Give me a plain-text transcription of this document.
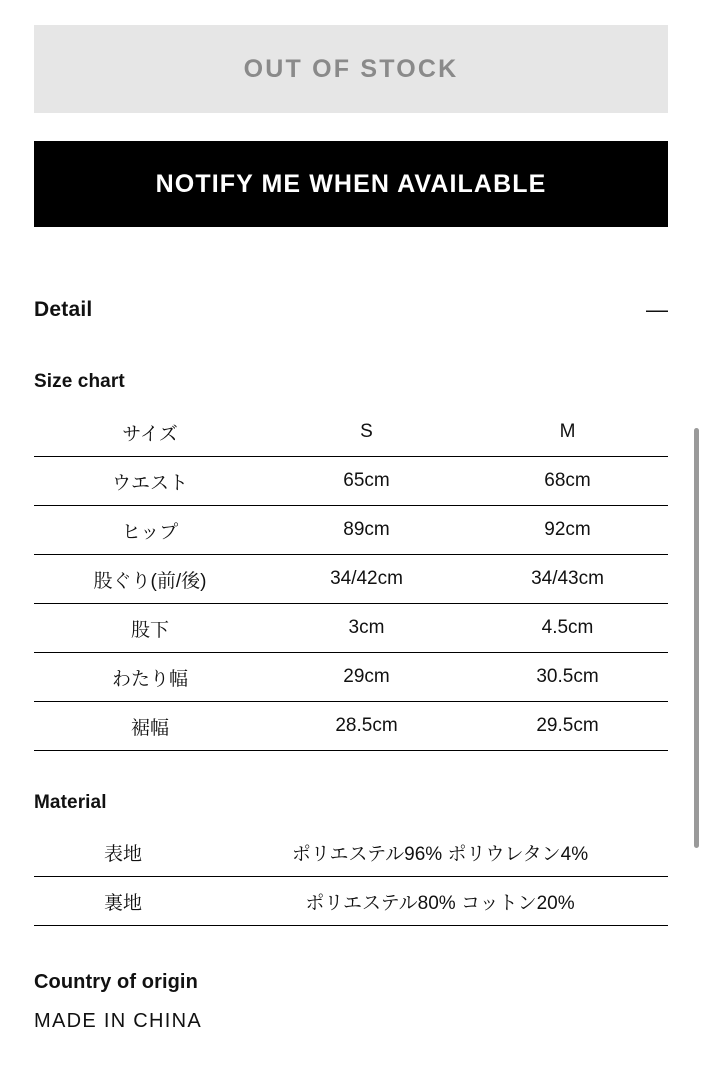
OUT OF STOCK
NOTIFY ME WHEN AVAILABLE
Detail	—
Size chart
サイズ	S	M
ウエスト	65cm	68cm
ヒップ	89cm	92cm
股ぐり(前/後)	34/42cm	34/43cm
股下	3cm	4.5cm
わたり幅	29cm	30.5cm
裾幅	28.5cm	29.5cm
Material
表地	ポリエステル96% ポリウレタン4%
裏地	ポリエステル80% コットン20%
Country of origin
MADE IN CHINA
